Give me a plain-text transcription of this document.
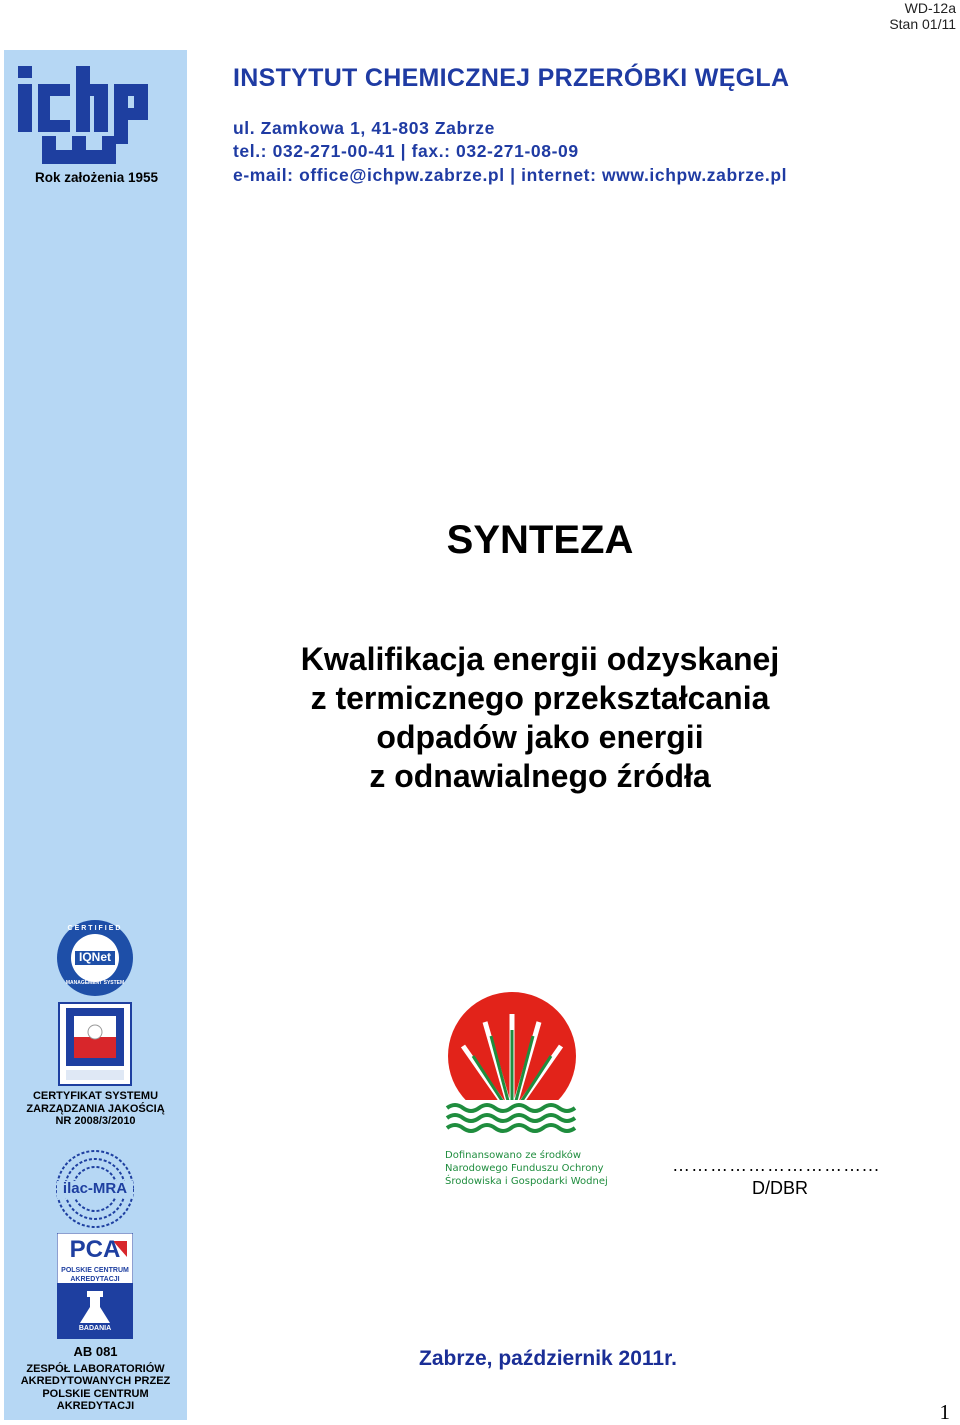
WD-12a
Stan 01/11
Rok założenia 1955
INSTYTUT CHEMICZNEJ PRZERÓBKI WĘGLA
ul. Zamkowa 1, 41-803 Zabrze
tel.: 032-271-00-41 | fax.: 032-271-08-09
e-mail: office@ichpw.zabrze.pl | internet: www.ichpw.zabrze.pl
SYNTEZA
Kwalifikacja energii odzyskanej
z termicznego przekształcania
odpadów jako energii
z odnawialnego źródła
CERTIFIED
IQNet
MANAGEMENT SYSTEM
CERTYFIKAT SYSTEMU
ZARZĄDZANIA JAKOŚCIĄ
NR 2008/3/2010
ilac-MRA
PCA
POLSKIE CENTRUM AKREDYTACJI
BADANIA
AB 081
ZESPÓŁ LABORATORIÓW
AKREDYTOWANYCH PRZEZ
POLSKIE CENTRUM AKREDYTACJI
Dofinansowano ze środków
Narodowego Funduszu Ochrony
Środowiska i Gospodarki Wodnej
…………………………...
D/DBR
Zabrze, październik 2011r.
1
